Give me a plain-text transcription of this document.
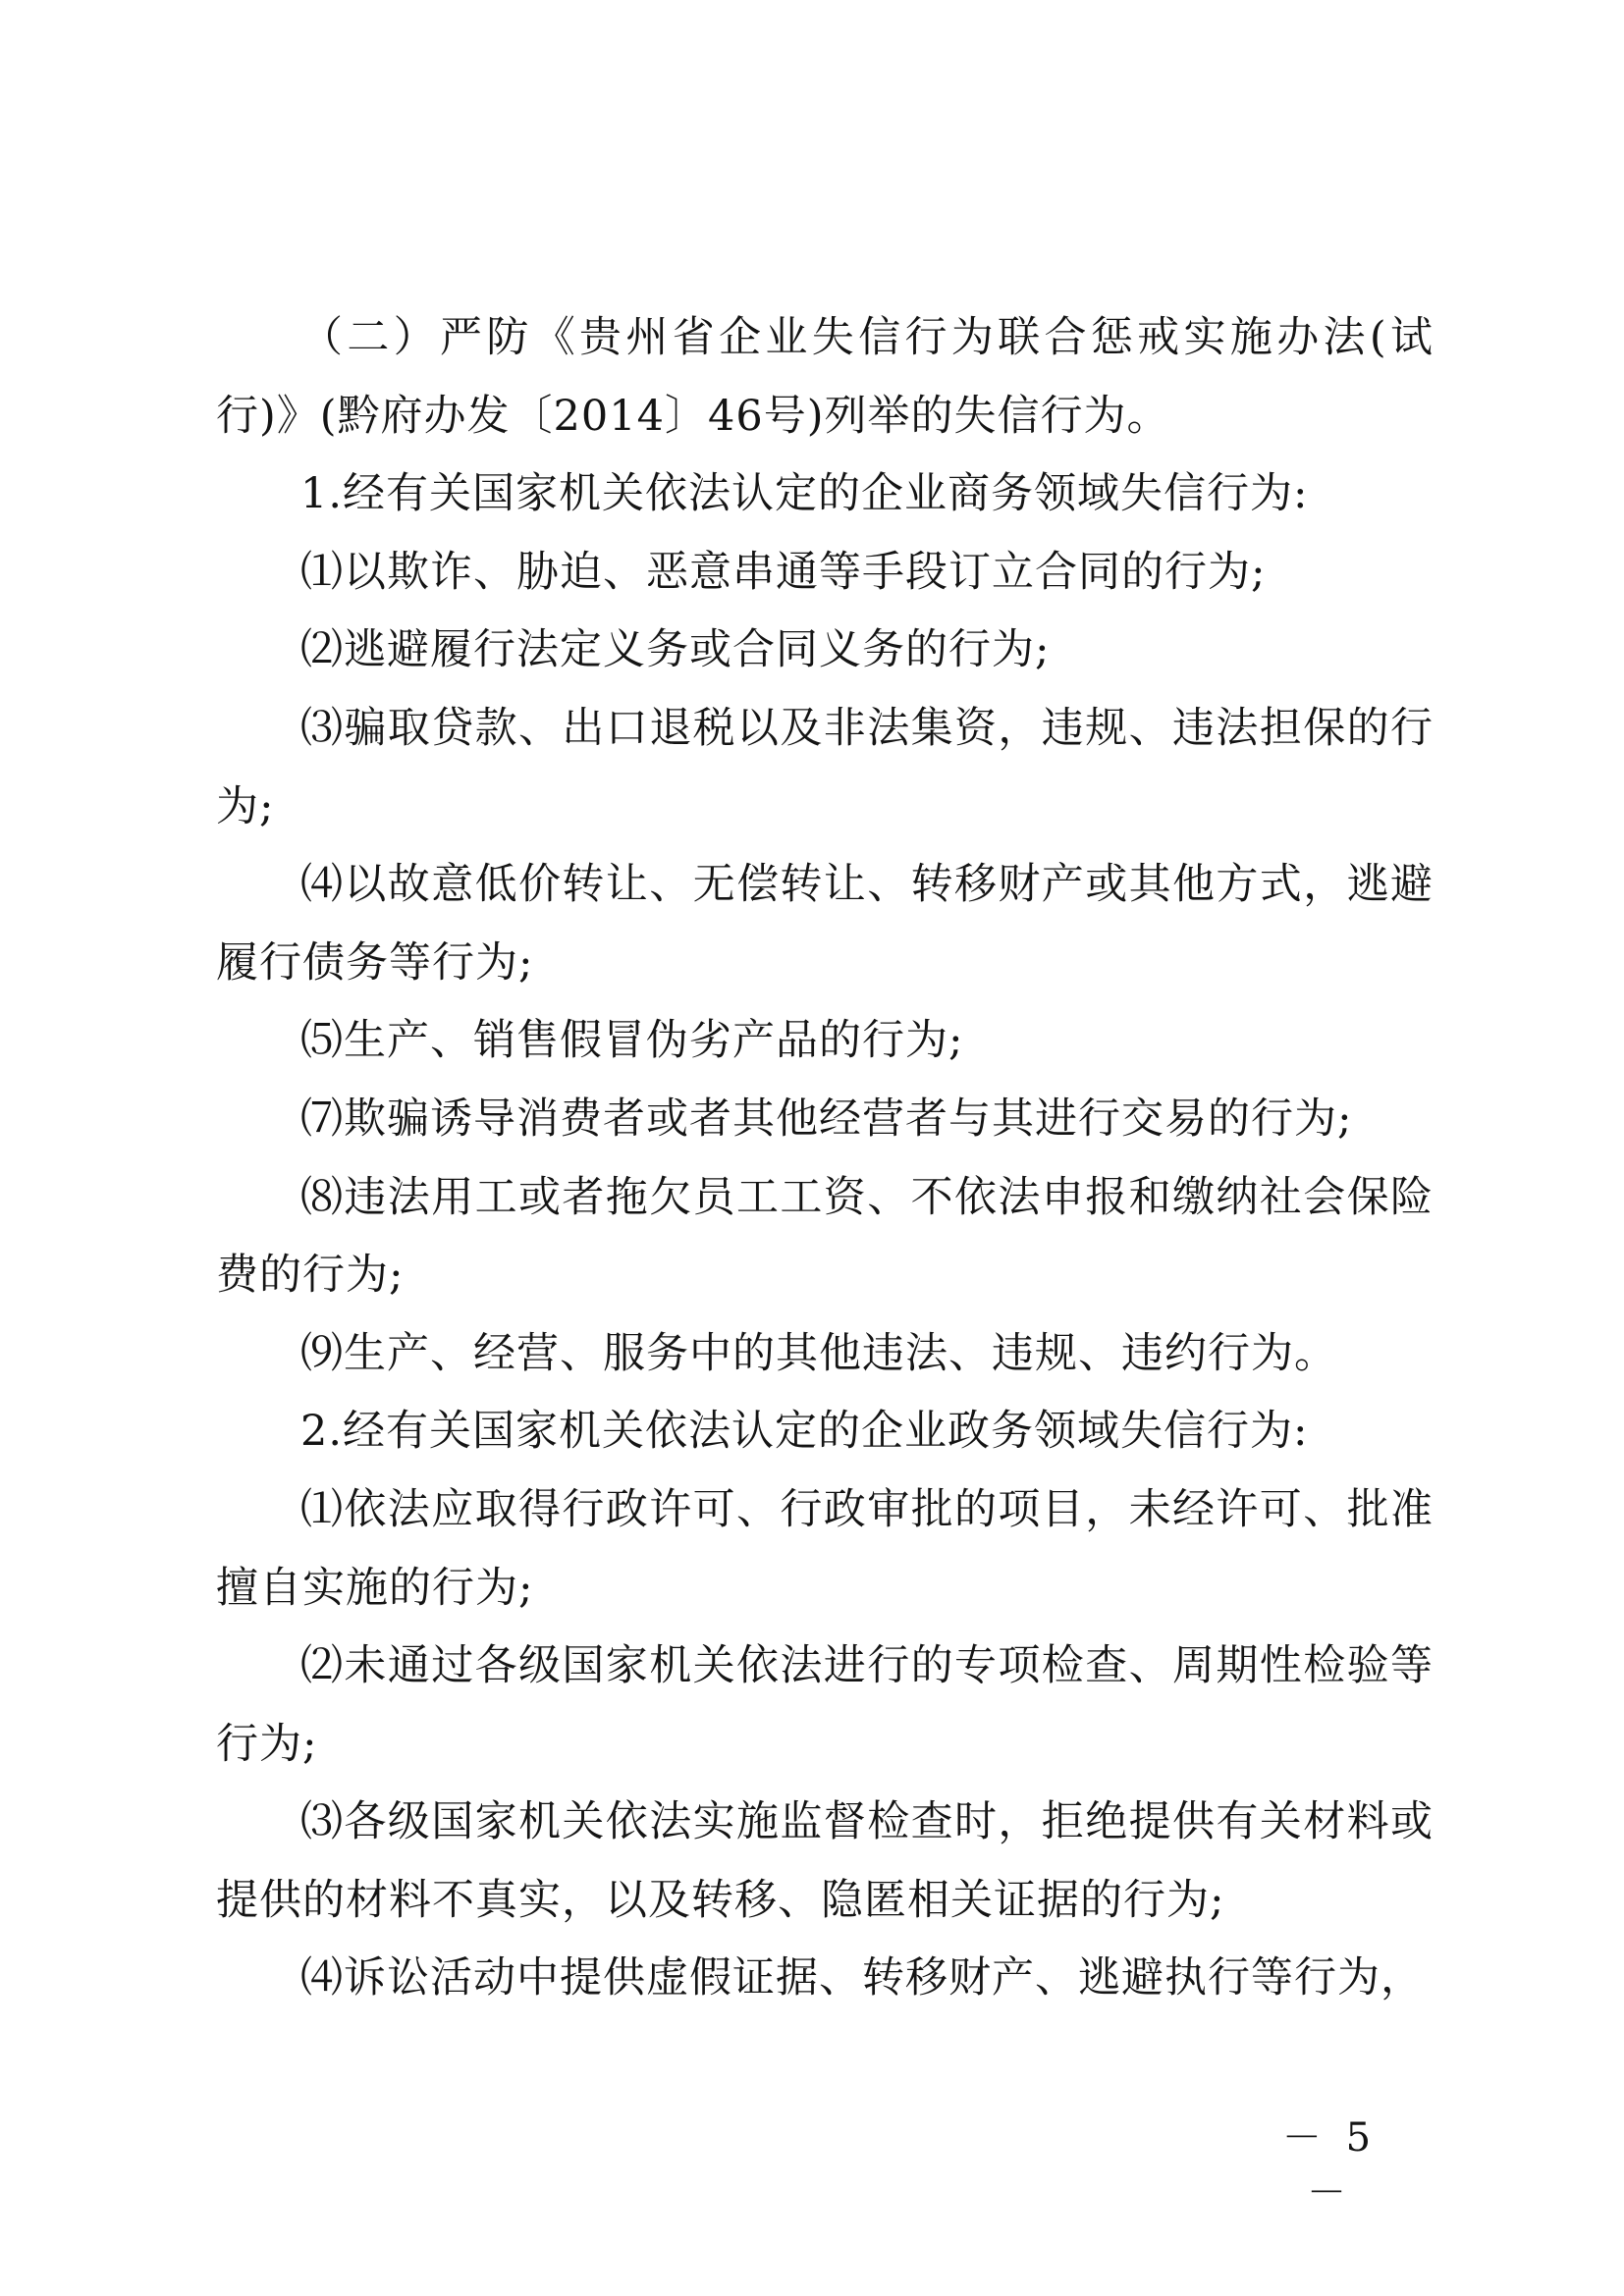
（二）严防《贵州省企业失信行为联合惩戒实施办法(试行)》(黔府办发〔2014〕46号)列举的失信行为。

1.经有关国家机关依法认定的企业商务领域失信行为:

⑴以欺诈、胁迫、恶意串通等手段订立合同的行为;

⑵逃避履行法定义务或合同义务的行为;

⑶骗取贷款、出口退税以及非法集资，违规、违法担保的行为;

⑷以故意低价转让、无偿转让、转移财产或其他方式，逃避履行债务等行为;

⑸生产、销售假冒伪劣产品的行为;

⑺欺骗诱导消费者或者其他经营者与其进行交易的行为;

⑻违法用工或者拖欠员工工资、不依法申报和缴纳社会保险费的行为;

⑼生产、经营、服务中的其他违法、违规、违约行为。

2.经有关国家机关依法认定的企业政务领域失信行为:

⑴依法应取得行政许可、行政审批的项目，未经许可、批准擅自实施的行为;

⑵未通过各级国家机关依法进行的专项检查、周期性检验等行为;

⑶各级国家机关依法实施监督检查时，拒绝提供有关材料或提供的材料不真实，以及转移、隐匿相关证据的行为;

⑷诉讼活动中提供虚假证据、转移财产、逃避执行等行为，

－ 5 －
